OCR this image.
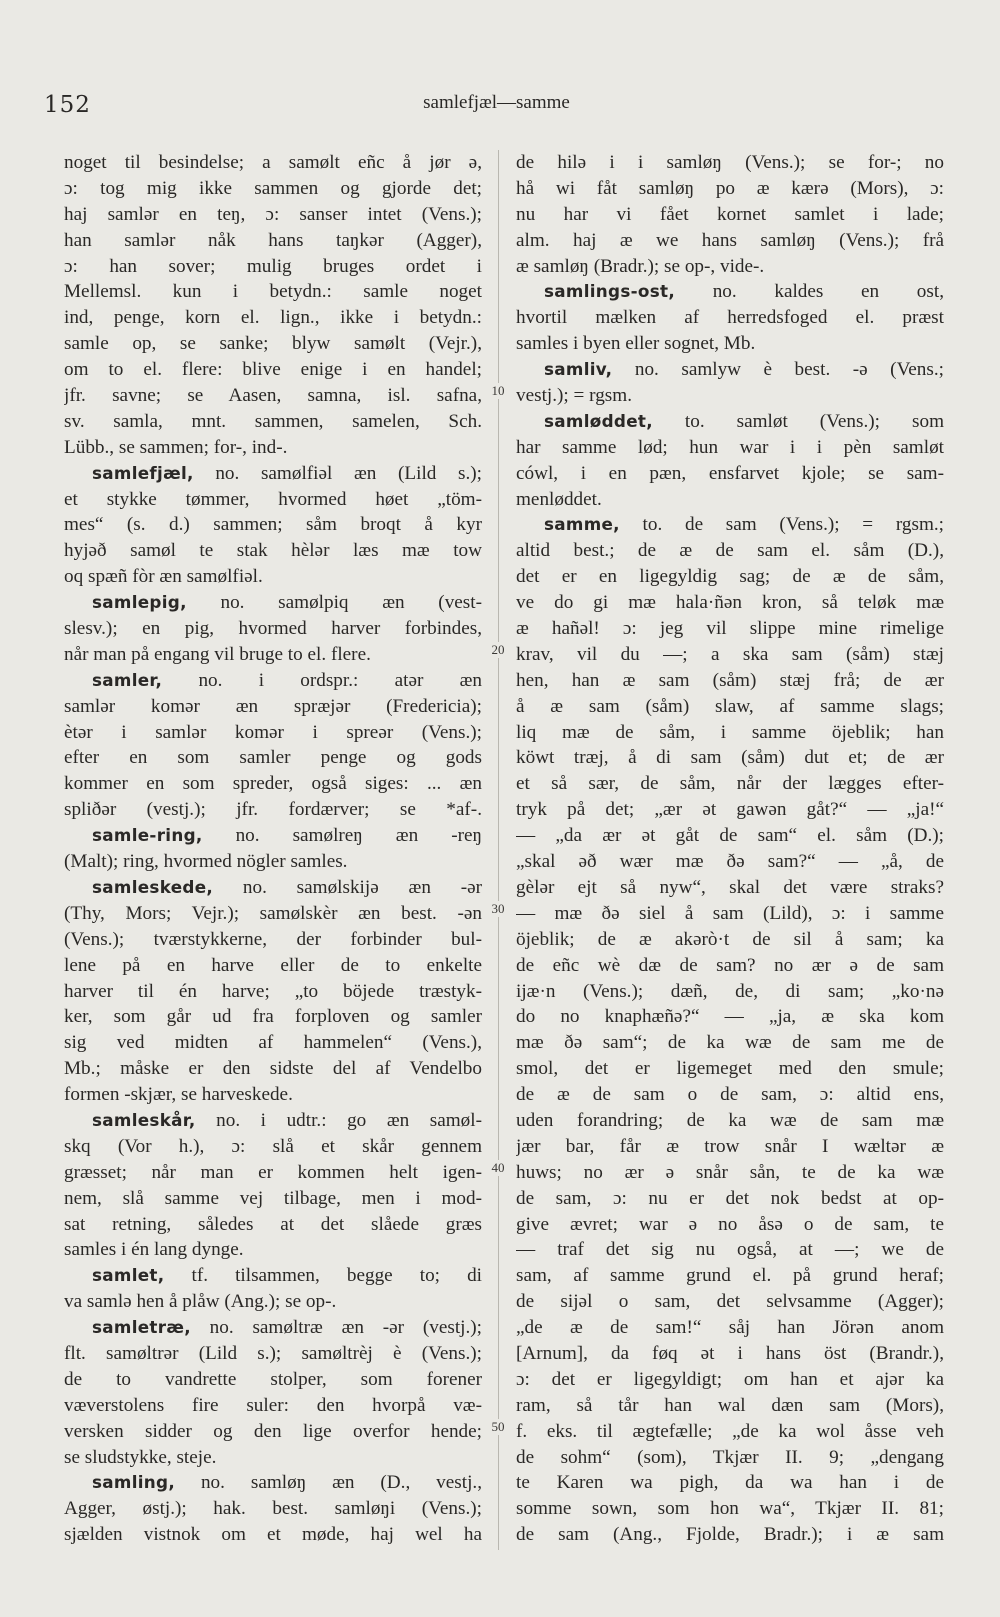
152	samlefjæl—samme
noget til besindelse; a samølt eñc å jør ə,
ɔ: tog mig ikke sammen og gjorde det;
haj samlər en teŋ, ɔ: sanser intet (Vens.);
han samlər nåk hans taŋkər (Agger),
ɔ: han sover; mulig bruges ordet i
Mellemsl. kun i betydn.: samle noget
ind, penge, korn el. lign., ikke i betydn.:
samle op, se sanke; blyw samølt (Vejr.),
om to el. flere: blive enige i en handel;
jfr. savne; se Aasen, samna, isl. safna,
sv. samla, mnt. sammen, samelen, Sch.
Lübb., se sammen; for-, ind-.
samlefjæl, no. samølfiəl æn (Lild s.);
et stykke tømmer, hvormed høet „töm-
mes“ (s. d.) sammen; såm broqt å kyr
hyjəð samøl te stak hèlər læs mæ tow
oq spæñ fòr æn samølfiəl.
samlepig, no. samølpiq æn (vest-
slesv.); en pig, hvormed harver forbindes,
når man på engang vil bruge to el. flere.
samler, no. i ordspr.: atər æn
samlər komər æn spræjər (Fredericia);
ètər i samlər komər i spreər (Vens.);
efter en som samler penge og gods
kommer en som spreder, også siges: ... æn
spliðər (vestj.); jfr. fordærver; se *af-.
samle-ring, no. samølreŋ æn -reŋ
(Malt); ring, hvormed nögler samles.
samleskede, no. samølskijə æn -ər
(Thy, Mors; Vejr.); samølskèr æn best. -ən
(Vens.); tværstykkerne, der forbinder bul-
lene på en harve eller de to enkelte
harver til én harve; „to böjede træstyk-
ker, som går ud fra forploven og samler
sig ved midten af hammelen“ (Vens.),
Mb.; måske er den sidste del af Vendelbo
formen -skjær, se harveskede.
samleskår, no. i udtr.: go æn samøl-
skq (Vor h.), ɔ: slå et skår gennem
græsset; når man er kommen helt igen-
nem, slå samme vej tilbage, men i mod-
sat retning, således at det slåede græs
samles i én lang dynge.
samlet, tf. tilsammen, begge to; di
va samlə hen å plåw (Ang.); se op-.
samletræ, no. samøltræ æn -ər (vestj.);
flt. samøltrər (Lild s.); samøltrèj è (Vens.);
de to vandrette stolper, som forener
væverstolens fire suler: den hvorpå væ-
versken sidder og den lige overfor hende;
se sludstykke, steje.
samling, no. samløŋ æn (D., vestj.,
Agger, østj.); hak. best. samløŋi (Vens.);
sjælden vistnok om et møde, haj wel ha
de hilə i i samløŋ (Vens.); se for-; no
hå wi fåt samløŋ po æ kærə (Mors), ɔ:
nu har vi fået kornet samlet i lade;
alm. haj æ we hans samløŋ (Vens.); frå
æ samløŋ (Bradr.); se op-, vide-.
samlings-ost, no. kaldes en ost,
hvortil mælken af herredsfoged el. præst
samles i byen eller sognet, Mb.
samliv, no. samlyw è best. -ə (Vens.;
vestj.); = rgsm.
samløddet, to. samløt (Vens.); som
har samme lød; hun war i i pèn samløt
cówl, i en pæn, ensfarvet kjole; se sam-
menløddet.
samme, to. de sam (Vens.); = rgsm.;
altid best.; de æ de sam el. såm (D.),
det er en ligegyldig sag; de æ de såm,
ve do gi mæ hala·ñən kron, så teløk mæ
æ hañəl! ɔ: jeg vil slippe mine rimelige
krav, vil du —; a ska sam (såm) stæj
hen, han æ sam (såm) stæj frå; de ær
å æ sam (såm) slaw, af samme slags;
liq mæ de såm, i samme öjeblik; han
köwt træj, å di sam (såm) dut et; de ær
et så sær, de såm, når der lægges efter-
tryk på det; „ær ət gawən gåt?“ — „ja!“
— „da ær ət gåt de sam“ el. såm (D.);
„skal əð wær mæ ðə sam?“ — „å, de
gèlər ejt så nyw“, skal det være straks?
— mæ ðə siel å sam (Lild), ɔ: i samme
öjeblik; de æ akərò·t de sil å sam; ka
de eñc wè dæ de sam? no ær ə de sam
ijæ·n (Vens.); dæñ, de, di sam; „ko·nə
do no knaphæñə?“ — „ja, æ ska kom
mæ ðə sam“; de ka wæ de sam me de
smol, det er ligemeget med den smule;
de æ de sam o de sam, ɔ: altid ens,
uden forandring; de ka wæ de sam mæ
jær bar, får æ trow snår I wæltər æ
huws; no ær ə snår sån, te de ka wæ
de sam, ɔ: nu er det nok bedst at op-
give ævret; war ə no åsə o de sam, te
— traf det sig nu også, at —; we de
sam, af samme grund el. på grund heraf;
de sijəl o sam, det selvsamme (Agger);
„de æ de sam!“ såj han Jörən anom
[Arnum], da føq ət i hans öst (Brandr.),
ɔ: det er ligegyldigt; om han et ajər ka
ram, så tår han wal dæn sam (Mors),
f. eks. til ægtefælle; „de ka wol åsse veh
de sohm“ (som), Tkjær II. 9; „dengang
te Karen wa pigh, da wa han i de
somme sown, som hon wa“, Tkjær II. 81;
de sam (Ang., Fjolde, Bradr.); i æ sam
10
20
30
40
50
